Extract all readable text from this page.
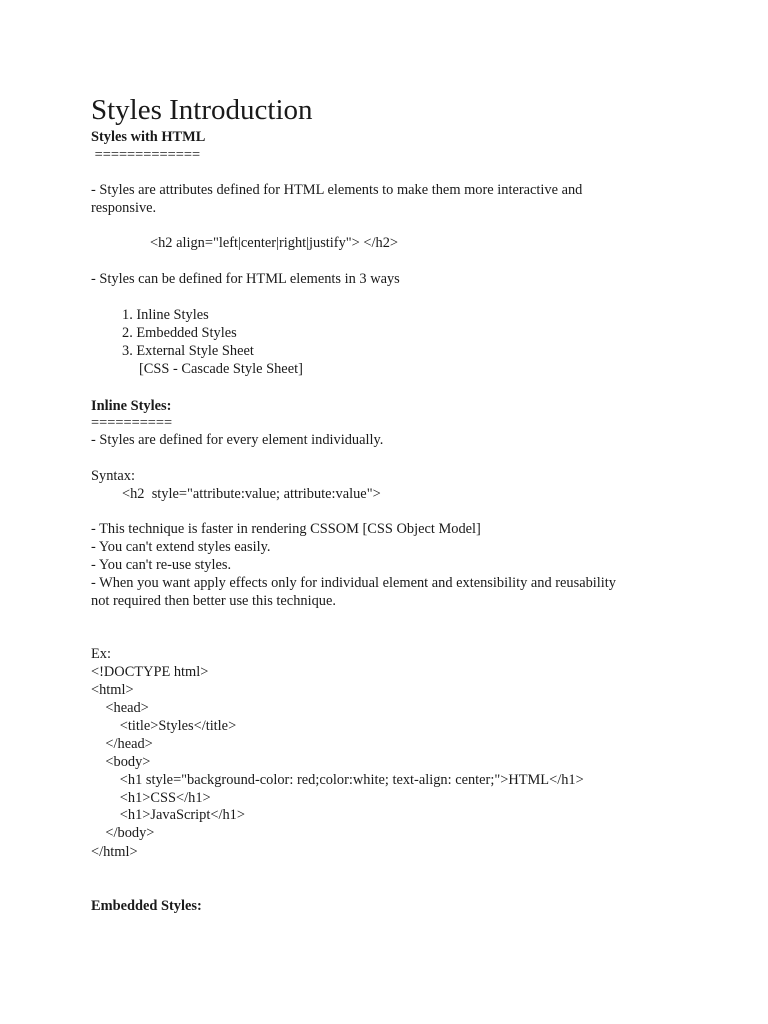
Styles Introduction
Styles with HTML
=============
- Styles are attributes defined for HTML elements to make them more interactive and
responsive.
<h2 align="left|center|right|justify"> </h2>
- Styles can be defined for HTML elements in 3 ways
1. Inline Styles
2. Embedded Styles
3. External Style Sheet
[CSS - Cascade Style Sheet]
Inline Styles:
==========
- Styles are defined for every element individually.
Syntax:
<h2  style="attribute:value; attribute:value">
- This technique is faster in rendering CSSOM [CSS Object Model]
- You can't extend styles easily.
- You can't re-use styles.
- When you want apply effects only for individual element and extensibility and reusability
not required then better use this technique.
Ex:
<!DOCTYPE html>
<html>
<head>
<title>Styles</title>
</head>
<body>
<h1 style="background-color: red;color:white; text-align: center;">HTML</h1>
<h1>CSS</h1>
<h1>JavaScript</h1>
</body>
</html>
Embedded Styles:
